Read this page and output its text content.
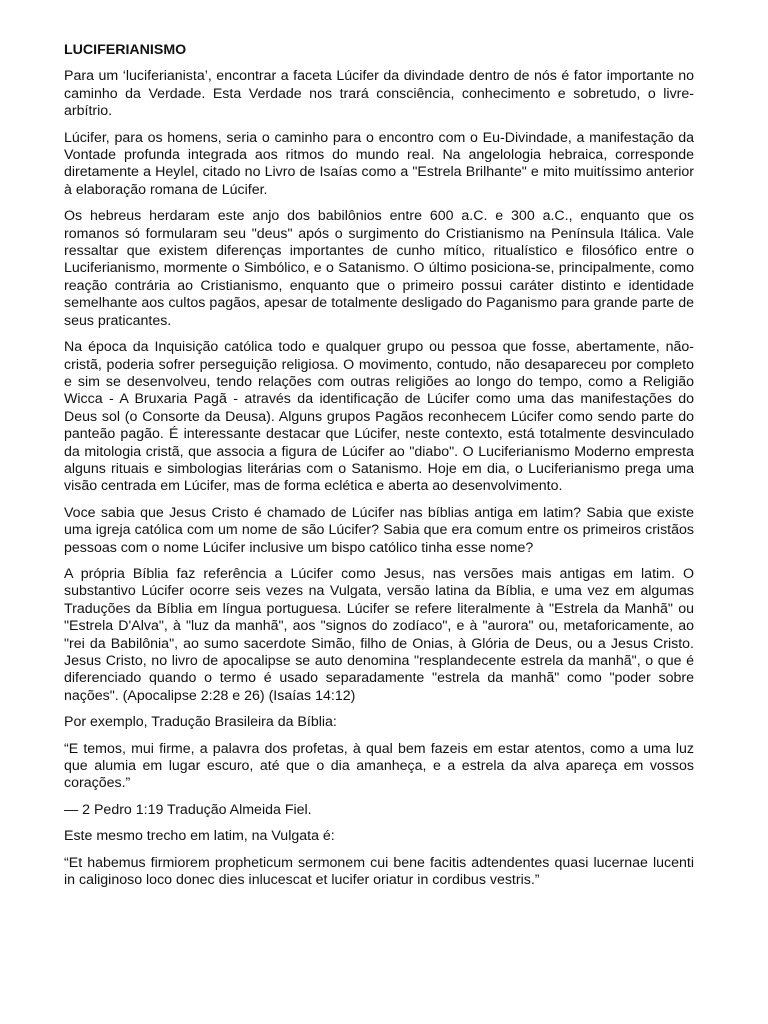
LUCIFERIANISMO

Para um ‘luciferianista’, encontrar a faceta Lúcifer da divindade dentro de nós é fator importante no caminho da Verdade. Esta Verdade nos trará consciência, conhecimento e sobretudo, o livre-arbítrio.

Lúcifer, para os homens, seria o caminho para o encontro com o Eu-Divindade, a manifestação da Vontade profunda integrada aos ritmos do mundo real. Na angelologia hebraica, corresponde diretamente a Heylel, citado no Livro de Isaías como a "Estrela Brilhante" e mito muitíssimo anterior à elaboração romana de Lúcifer.

Os hebreus herdaram este anjo dos babilônios entre 600 a.C. e 300 a.C., enquanto que os romanos só formularam seu "deus" após o surgimento do Cristianismo na Península Itálica. Vale ressaltar que existem diferenças importantes de cunho mítico, ritualístico e filosófico entre o Luciferianismo, mormente o Simbólico, e o Satanismo. O último posiciona-se, principalmente, como reação contrária ao Cristianismo, enquanto que o primeiro possui caráter distinto e identidade semelhante aos cultos pagãos, apesar de totalmente desligado do Paganismo para grande parte de seus praticantes.

Na época da Inquisição católica todo e qualquer grupo ou pessoa que fosse, abertamente, não-cristã, poderia sofrer perseguição religiosa. O movimento, contudo, não desapareceu por completo e sim se desenvolveu, tendo relações com outras religiões ao longo do tempo, como a Religião Wicca - A Bruxaria Pagã - através da identificação de Lúcifer como uma das manifestações do Deus sol (o Consorte da Deusa). Alguns grupos Pagãos reconhecem Lúcifer como sendo parte do panteão pagão. É interessante destacar que Lúcifer, neste contexto, está totalmente desvinculado da mitologia cristã, que associa a figura de Lúcifer ao "diabo". O Luciferianismo Moderno empresta alguns rituais e simbologias literárias com o Satanismo. Hoje em dia, o Luciferianismo prega uma visão centrada em Lúcifer, mas de forma eclética e aberta ao desenvolvimento.

Voce sabia que Jesus Cristo é chamado de Lúcifer nas bíblias antiga em latim? Sabia que existe uma igreja católica com um nome de são Lúcifer? Sabia que era comum entre os primeiros cristãos pessoas com o nome Lúcifer inclusive um bispo católico tinha esse nome?

A própria Bíblia faz referência a Lúcifer como Jesus, nas versões mais antigas em latim. O substantivo Lúcifer ocorre seis vezes na Vulgata, versão latina da Bíblia, e uma vez em algumas Traduções da Bíblia em língua portuguesa. Lúcifer se refere literalmente à "Estrela da Manhã" ou "Estrela D'Alva", à "luz da manhã", aos "signos do zodíaco", e à "aurora" ou, metaforicamente, ao "rei da Babilônia", ao sumo sacerdote Simão, filho de Onias, à Glória de Deus, ou a Jesus Cristo. Jesus Cristo, no livro de apocalipse se auto denomina "resplandecente estrela da manhã", o que é diferenciado quando o termo é usado separadamente "estrela da manhã" como "poder sobre nações". (Apocalipse 2:28 e 26) (Isaías 14:12)

Por exemplo, Tradução Brasileira da Bíblia:

“E temos, mui firme, a palavra dos profetas, à qual bem fazeis em estar atentos, como a uma luz que alumia em lugar escuro, até que o dia amanheça, e a estrela da alva apareça em vossos corações.”

— 2 Pedro 1:19 Tradução Almeida Fiel.

Este mesmo trecho em latim, na Vulgata é:

“Et habemus firmiorem propheticum sermonem cui bene facitis adtendentes quasi lucernae lucenti in caliginoso loco donec dies inlucescat et lucifer oriatur in cordibus vestris.”
